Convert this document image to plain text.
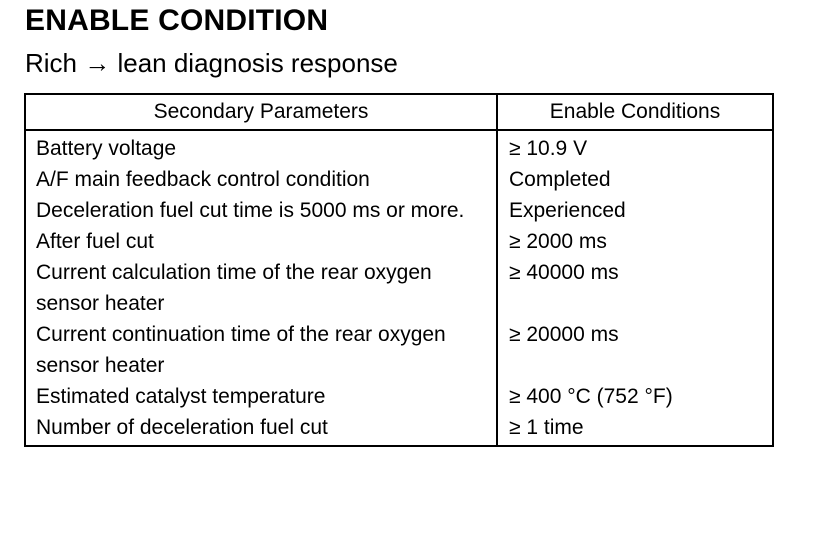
ENABLE CONDITION
Rich → lean diagnosis response
Secondary Parameters	Enable Conditions
Battery voltage	≥ 10.9 V
A/F main feedback control condition	Completed
Deceleration fuel cut time is 5000 ms or more.	Experienced
After fuel cut	≥ 2000 ms
Current calculation time of the rear oxygen sensor heater	≥ 40000 ms
Current continuation time of the rear oxygen sensor heater	≥ 20000 ms
Estimated catalyst temperature	≥ 400 °C (752 °F)
Number of deceleration fuel cut	≥ 1 time
